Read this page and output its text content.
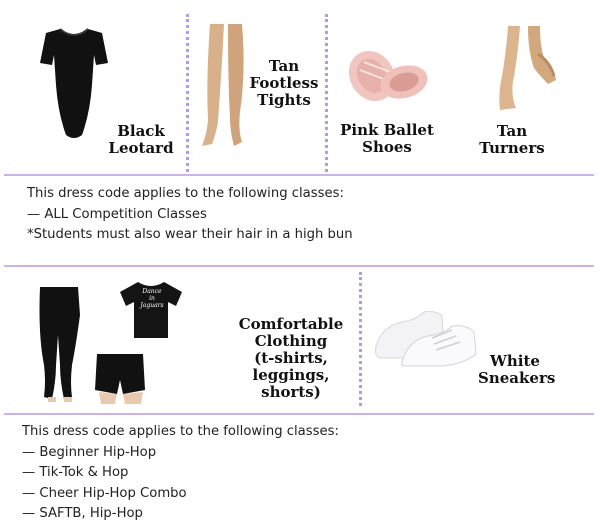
Black
Leotard
Tan
Footless
Tights
Pink Ballet
Shoes
Tan
Turners

This dress code applies to the following classes:

— ALL Competition Classes

*Students must also wear their hair in a high bun

Dance
in Jaguars
Comfortable
Clothing
(t-shirts, leggings,
shorts)
White
Sneakers

This dress code applies to the following classes:

— Beginner Hip-Hop

— Tik-Tok & Hop

— Cheer Hip-Hop Combo

— SAFTB, Hip-Hop
